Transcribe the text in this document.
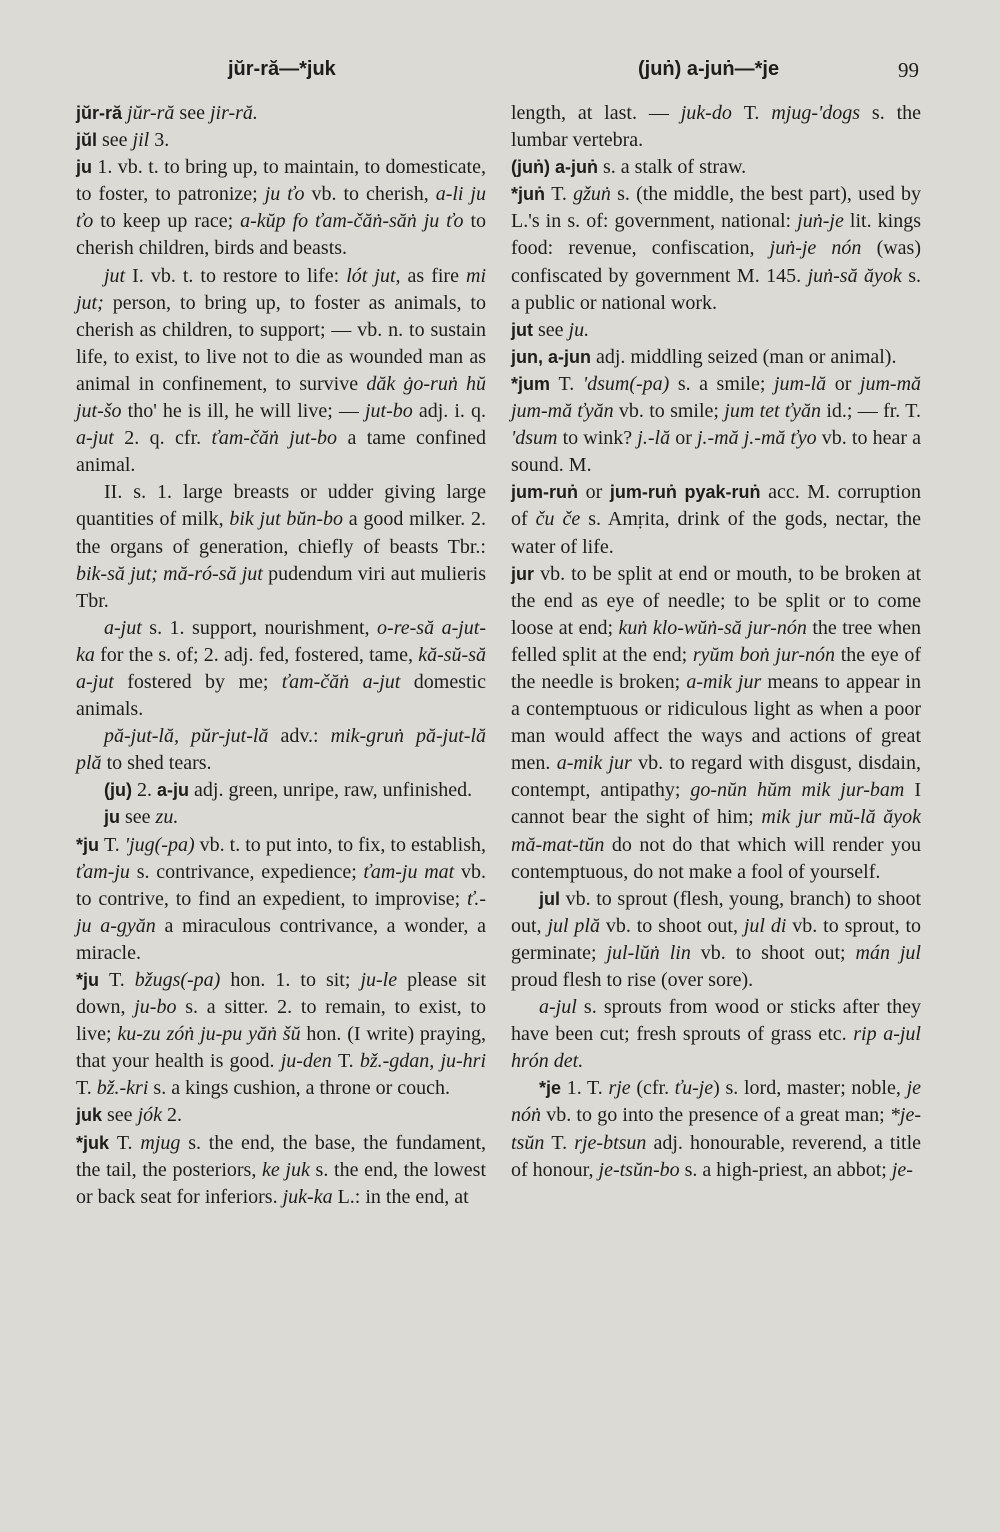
jŭr-ră—*juk	(juṅ) a-juṅ—*je	99

jŭr-ră jŭr-ră see jir-ră.

jŭl see jil 3.

ju 1. vb. t. to bring up, to maintain, to domesticate, to foster, to patronize; ju ťo vb. to cherish, a-li ju ťo to keep up race; a-kŭp fo ťam-čăṅ-săṅ ju ťo to cherish children, birds and beasts.

jut I. vb. t. to restore to life: lót jut, as fire mi jut; person, to bring up, to foster as animals, to cherish as children, to support; — vb. n. to sustain life, to exist, to live not to die as wounded man as animal in confinement, to survive dăk ġo-ruṅ hŭ jut-šo tho' he is ill, he will live; — jut-bo adj. i. q. a-jut 2. q. cfr. ťam-čăṅ jut-bo a tame confined animal.

II. s. 1. large breasts or udder giving large quantities of milk, bik jut bŭn-bo a good milker. 2. the organs of generation, chiefly of beasts Tbr.: bik-să jut; mă-ró-să jut pudendum viri aut mulieris Tbr.

a-jut s. 1. support, nourishment, o-re-să a-jut-ka for the s. of; 2. adj. fed, fostered, tame, kă-sŭ-să a-jut fostered by me; ťam-čăṅ a-jut domestic animals.

pă-jut-lă, pŭr-jut-lă adv.: mik-gruṅ pă-jut-lă plă to shed tears.

(ju) 2. a-ju adj. green, unripe, raw, unfinished.

ju see zu.

*ju T. 'jug(-pa) vb. t. to put into, to fix, to establish, ťam-ju s. contrivance, expedience; ťam-ju mat vb. to contrive, to find an expedient, to improvise; ť.-ju a-gyăn a miraculous contrivance, a wonder, a miracle.

*ju T. bžugs(-pa) hon. 1. to sit; ju-le please sit down, ju-bo s. a sitter. 2. to remain, to exist, to live; ku-zu zóṅ ju-pu yăṅ šŭ hon. (I write) praying, that your health is good. ju-den T. bž.-gdan, ju-hri T. bž.-kri s. a kings cushion, a throne or couch.

juk see jók 2.

*juk T. mjug s. the end, the base, the fundament, the tail, the posteriors, ke juk s. the end, the lowest or back seat for inferiors. juk-ka L.: in the end, at

length, at last. — juk-do T. mjug-'dogs s. the lumbar vertebra.

(juṅ) a-juṅ s. a stalk of straw.

*juṅ T. gžuṅ s. (the middle, the best part), used by L.'s in s. of: government, national: juṅ-je lit. kings food: revenue, confiscation, juṅ-je nón (was) confiscated by government M. 145. juṅ-să ăyok s. a public or national work.

jut see ju.

jun, a-jun adj. middling seized (man or animal).

*jum T. 'dsum(-pa) s. a smile; jum-lă or jum-mă jum-mă ťyăn vb. to smile; jum tet ťyăn id.; — fr. T. 'dsum to wink? j.-lă or j.-mă j.-mă ťyo vb. to hear a sound. M.

jum-ruṅ or jum-ruṅ pyak-ruṅ acc. M. corruption of ču če s. Amṛita, drink of the gods, nectar, the water of life.

jur vb. to be split at end or mouth, to be broken at the end as eye of needle; to be split or to come loose at end; kuṅ klo-wŭṅ-să jur-nón the tree when felled split at the end; ryŭm boṅ jur-nón the eye of the needle is broken; a-mik jur means to appear in a contemptuous or ridiculous light as when a poor man would affect the ways and actions of great men. a-mik jur vb. to regard with disgust, disdain, contempt, antipathy; go-nŭn hŭm mik jur-bam I cannot bear the sight of him; mik jur mŭ-lă ăyok mă-mat-tŭn do not do that which will render you contemptuous, do not make a fool of yourself.

jul vb. to sprout (flesh, young, branch) to shoot out, jul plă vb. to shoot out, jul di vb. to sprout, to germinate; jul-lŭṅ lin vb. to shoot out; mán jul proud flesh to rise (over sore).

a-jul s. sprouts from wood or sticks after they have been cut; fresh sprouts of grass etc. rip a-jul hrón det.

*je 1. T. rje (cfr. ťu-je) s. lord, master; noble, je nóṅ vb. to go into the presence of a great man; *je-tsŭn T. rje-btsun adj. honourable, reverend, a title of honour, je-tsŭn-bo s. a high-priest, an abbot; je-
